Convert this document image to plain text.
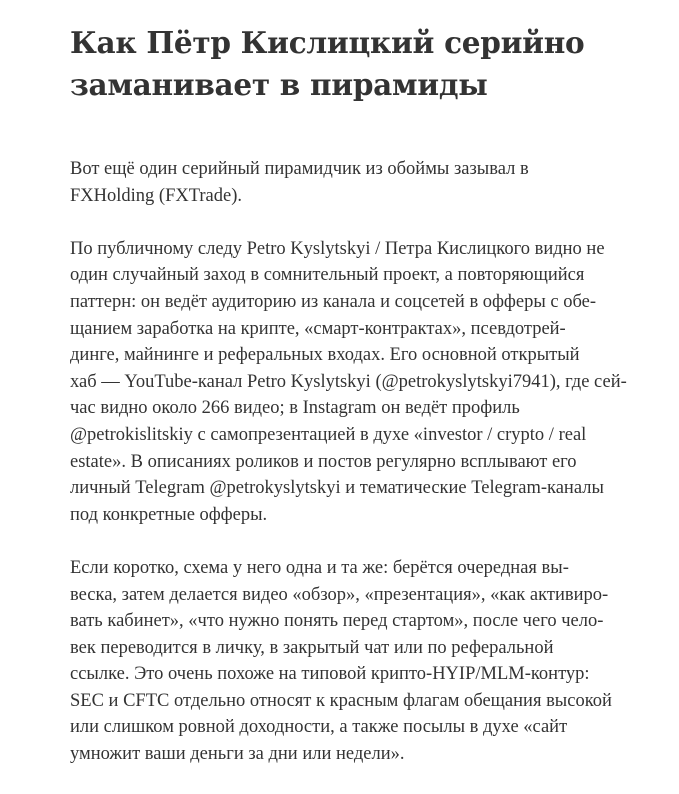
Как Пётр Кислицкий серийно
заманивает в пирамиды

Вот ещё один серийный пирамидчик из обоймы зазывал в
FXHolding (FXTrade).

По публичному следу Petro Kyslytskyi / Петра Кислицкого видно не
один случайный заход в сомнительный проект, а повторяющийся
паттерн: он ведёт аудиторию из канала и соцсетей в офферы с обе-
щанием заработка на крипте, «смарт-контрактах», псевдотрей-
динге, майнинге и реферальных входах. Его основной открытый
хаб — YouTube-канал Petro Kyslytskyi (@petrokyslytskyi7941), где сей-
час видно около 266 видео; в Instagram он ведёт профиль
@petrokislitskiy с самопрезентацией в духе «investor / crypto / real
estate». В описаниях роликов и постов регулярно всплывают его
личный Telegram @petrokyslytskyi и тематические Telegram-каналы
под конкретные офферы.

Если коротко, схема у него одна и та же: берётся очередная вы-
веска, затем делается видео «обзор», «презентация», «как активиро-
вать кабинет», «что нужно понять перед стартом», после чего чело-
век переводится в личку, в закрытый чат или по реферальной
ссылке. Это очень похоже на типовой крипто-HYIP/MLM-контур:
SEC и CFTC отдельно относят к красным флагам обещания высокой
или слишком ровной доходности, а также посылы в духе «сайт
умножит ваши деньги за дни или недели».
